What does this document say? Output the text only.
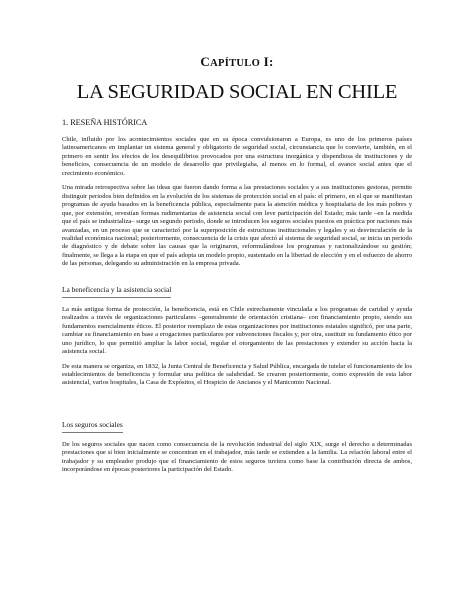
CAPÍTULO I:
LA SEGURIDAD SOCIAL EN CHILE
1. RESEÑA HISTÓRICA

Chile, influido por los acontecimientos sociales que en su época convulsionaron a Europa, es uno de los primeros países latinoamericanos en implantar un sistema general y obligatorio de seguridad social, circunstancia que lo convierte, también, en el primero en sentir los efectos de los desequilibrios provocados por una estructura inorgánica y dispendiosa de instituciones y de beneficios, consecuencia de un modelo de desarrollo que privilegiaba, al menos en lo formal, el avance social antes que el crecimiento económico.

Una mirada retrospectiva sobre las ideas que fueron dando forma a las prestaciones sociales y a sus instituciones gestoras, permite distinguir periodos bien definidos en la evolución de los sistemas de protección social en el país: el primero, en el que se manifiestan programas de ayuda basados en la beneficencia pública, especialmente para la atención médica y hospitalaria de los más pobres y que, por extensión, revestían formas rudimentarias de asistencia social con leve participación del Estado; más tarde –en la medida que el país se industrializa– surge un segundo periodo, donde se introducen los seguros sociales puestos en práctica por naciones más avanzadas, en un proceso que se caracterizó por la superposición de estructuras institucionales y legales y su desvinculación de la realidad económica nacional; posteriormente, consecuencia de la crisis que afectó al sistema de seguridad social, se inicia un periodo de diagnóstico y de debate sobre las causas que la originaron, reformulándose los programas y racionalizándose su gestión; finalmente, se llega a la etapa en que el país adopta un modelo propio, sustentado en la libertad de elección y en el esfuerzo de ahorro de las personas, delegando su administración en la empresa privada.

La beneficencia y la asistencia social

La más antigua forma de protección, la beneficencia, está en Chile estrechamente vinculada a los programas de caridad y ayuda realizados a través de organizaciones particulares –generalmente de orientación cristiana– con financiamiento propio, siendo sus fundamentos esencialmente éticos. El posterior reemplazo de estas organizaciones por instituciones estatales significó, por una parte, cambiar su financiamiento en base a erogaciones particulares por subvenciones fiscales y, por otra, sustituir su fundamento ético por uno jurídico, lo que permitió ampliar la labor social, regular el otorgamiento de las prestaciones y extender su acción hacia la asistencia social.

De esta manera se organiza, en 1832, la Junta Central de Beneficencia y Salud Pública, encargada de tutelar el funcionamiento de los establecimientos de beneficencia y formular una política de salubridad. Se crearon posteriormente, como expresión de esta labor asistencial, varios hospitales, la Casa de Expósitos, el Hospicio de Ancianos y el Manicomio Nacional.

Los seguros sociales

De los seguros sociales que nacen como consecuencia de la revolución industrial del siglo XIX, surge el derecho a determinadas prestaciones que si bien inicialmente se concentran en el trabajador, más tarde se extienden a la familia. La relación laboral entre el trabajador y su empleador produjo que el financiamiento de estos seguros tuviera como base la contribución directa de ambos, incorporándose en épocas posteriores la participación del Estado.
